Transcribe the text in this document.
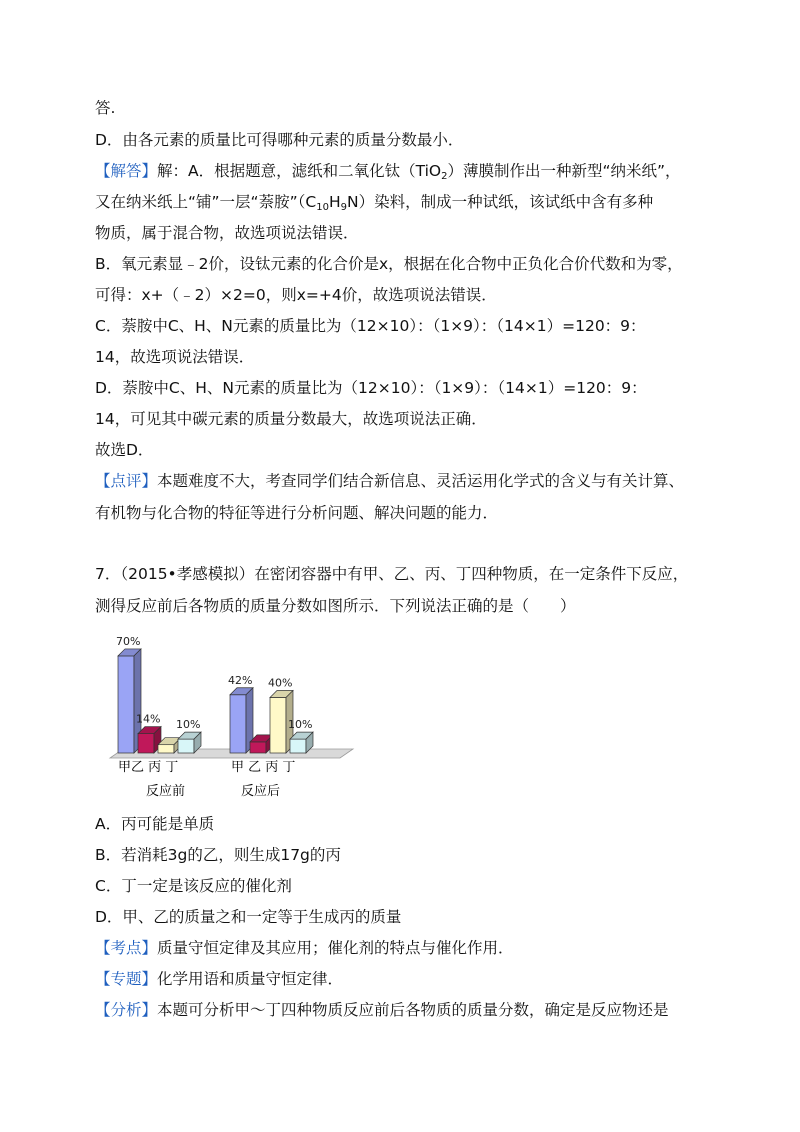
答.
D．由各元素的质量比可得哪种元素的质量分数最小．
【解答】解：A．根据题意，滤纸和二氧化钛（TiO$_2$）薄膜制作出一种新型“纳米纸”，
又在纳米纸上“铺”一层“萘胺$”(C_{10}H_9N)$染料，制成一种试纸，该试纸中含有多种
物质，属于混合物，故选项说法错误．
B．氧元素显﹣2价，设钛元素的化合价是x，根据在化合物中正负化合价代数和为零，
可得：x+（﹣2）×2=0，则x=+4价，故选项说法错误．
C．萘胺中C、H、N元素的质量比为（12×10）：（1×9）：（14×1）=120：9：
14，故选项说法错误．
D．萘胺中C、H、N元素的质量比为（12×10）：（1×9）：（14×1）=120：9：
14，可见其中碳元素的质量分数最大，故选项说法正确．
故选D．
【点评】本题难度不大，考查同学们结合新信息、灵活运用化学式的含义与有关计算、
有机物与化合物的特征等进行分析问题、解决问题的能力．
7．（2015•孝感模拟）在密闭容器中有甲、乙、丙、丁四种物质，在一定条件下反应，
测得反应前后各物质的质量分数如图所示．下列说法正确的是（　　）
70%
14% 10%
42% 40%
10%
甲乙 丙 丁	甲 乙 丙 丁
反应前	反应后
A．丙可能是单质
B．若消耗3g的乙，则生成17g的丙
C．丁一定是该反应的催化剂
D．甲、乙的质量之和一定等于生成丙的质量
【考点】质量守恒定律及其应用；催化剂的特点与催化作用．
【专题】化学用语和质量守恒定律．
【分析】本题可分析甲～丁四种物质反应前后各物质的质量分数，确定是反应物还是
